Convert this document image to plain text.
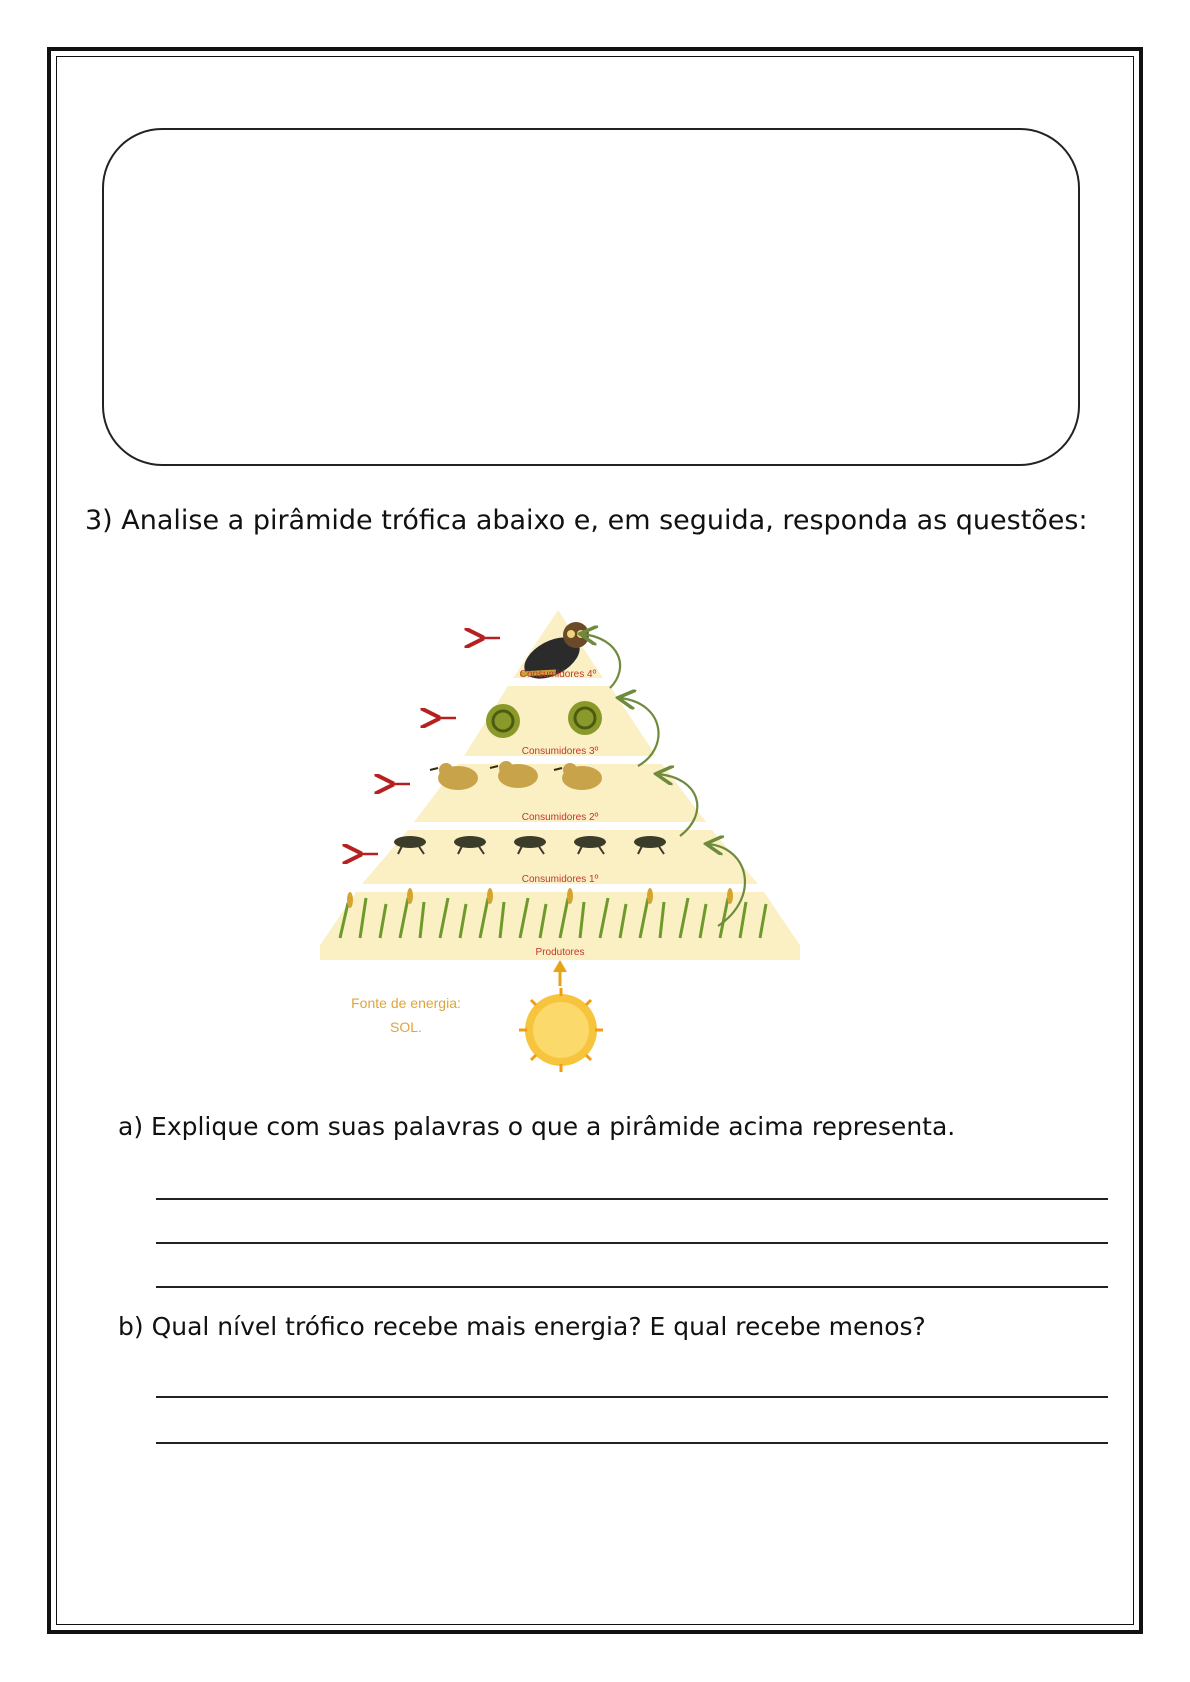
3) Analise a pirâmide trófica abaixo e, em seguida, responda as questões:
Consumidores 4º
Consumidores 3º
Consumidores 2º
Consumidores 1º
Produtores
Fonte de energia:
SOL.
a) Explique com suas palavras o que a pirâmide acima representa.
b) Qual nível trófico recebe mais energia? E qual recebe menos?
